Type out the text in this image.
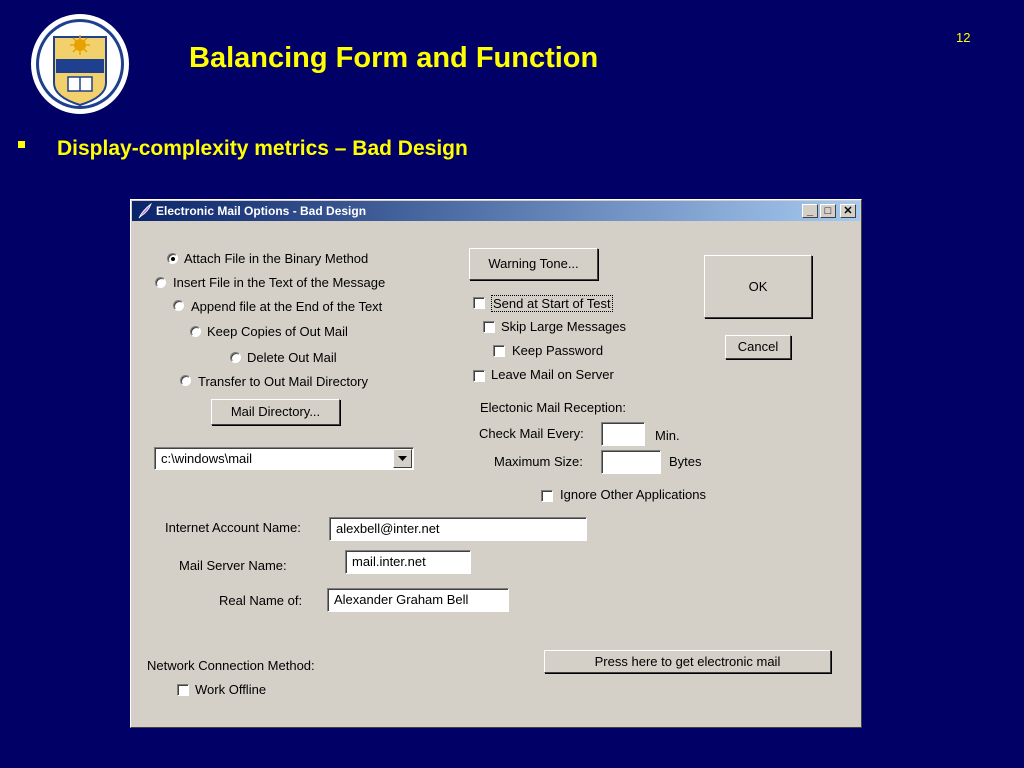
Balancing Form and Function
12
Display-complexity metrics – Bad Design
Electronic Mail Options - Bad Design	_	□	✕
Attach File in the Binary Method
Insert File in the Text of the Message
Append file at the End of the Text
Keep Copies of Out Mail
Delete Out Mail
Transfer to Out Mail Directory
Mail Directory...
c:\windows\mail
Warning Tone...
OK
Cancel
Send at Start of Test
Skip Large Messages
Keep Password
Leave Mail on Server
Electonic Mail Reception:
Check Mail Every:	Min.
Maximum Size:	Bytes
Ignore Other Applications
Internet Account Name:	alexbell@inter.net
Mail Server Name:	mail.inter.net
Real Name of:	Alexander Graham Bell
Network Connection Method:
Work Offline
Press here to get electronic mail
